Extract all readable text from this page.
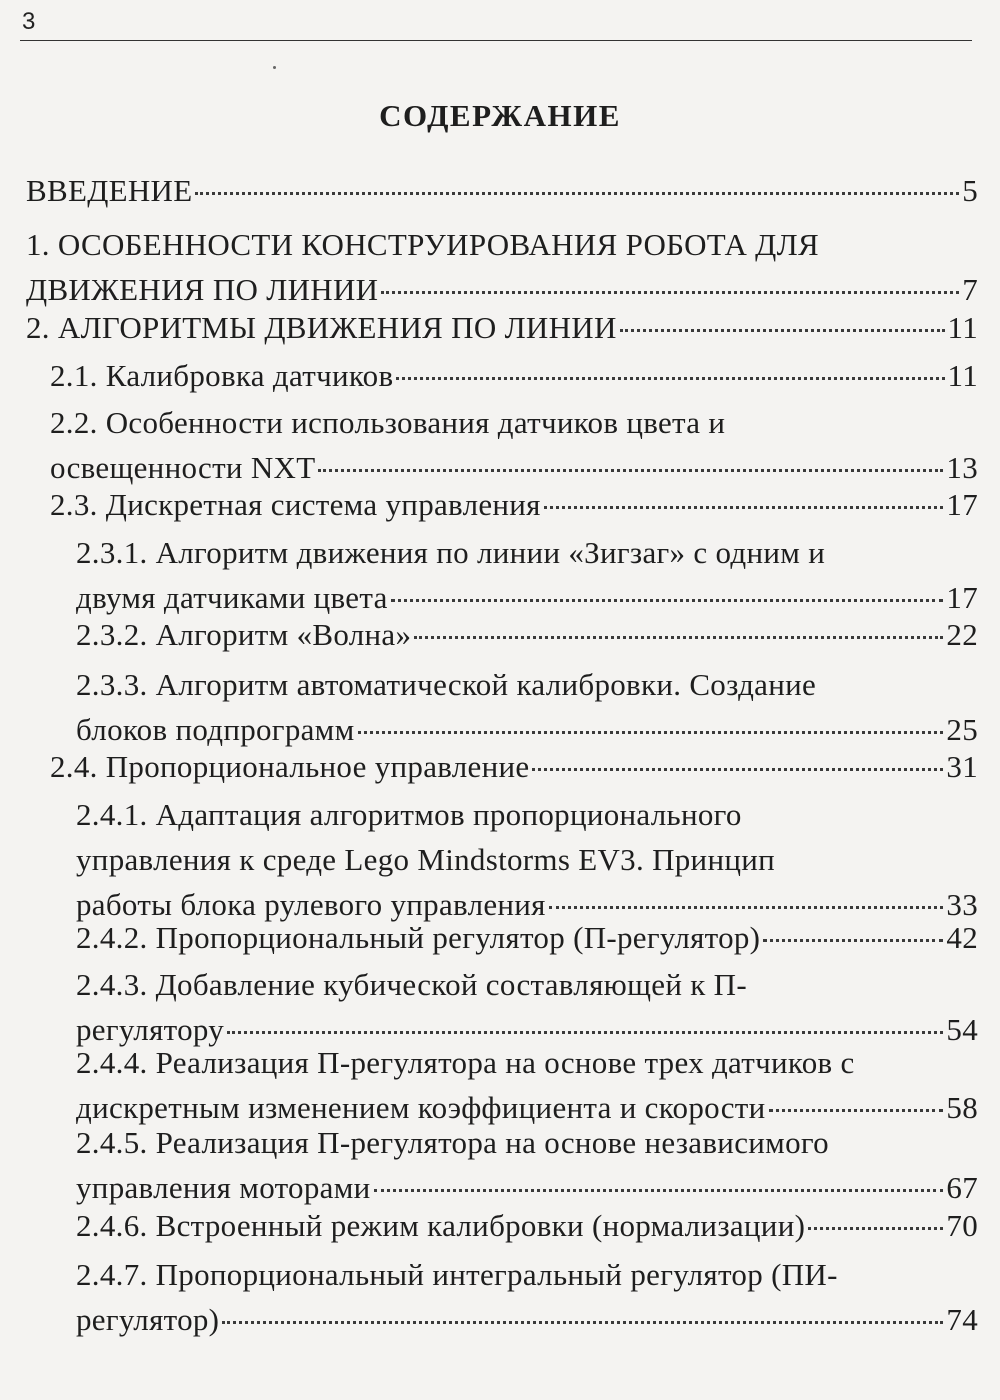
3
СОДЕРЖАНИЕ
ВВЕДЕНИЕ	5
1. ОСОБЕННОСТИ КОНСТРУИРОВАНИЯ РОБОТА ДЛЯ
ДВИЖЕНИЯ ПО ЛИНИИ	7
2. АЛГОРИТМЫ ДВИЖЕНИЯ ПО ЛИНИИ	11
2.1. Калибровка датчиков	11
2.2. Особенности использования датчиков цвета и
освещенности NXT	13
2.3. Дискретная система управления	17
2.3.1. Алгоритм движения по линии «Зигзаг» с одним и
двумя датчиками цвета	17
2.3.2. Алгоритм «Волна»	22
2.3.3. Алгоритм автоматической калибровки. Создание
блоков подпрограмм	25
2.4. Пропорциональное управление	31
2.4.1. Адаптация алгоритмов пропорционального
управления к среде Lego Mindstorms EV3. Принцип
работы блока рулевого управления	33
2.4.2. Пропорциональный регулятор (П-регулятор)	42
2.4.3. Добавление кубической составляющей к П-
регулятору	54
2.4.4. Реализация П-регулятора на основе трех датчиков с
дискретным изменением коэффициента и скорости	58
2.4.5. Реализация П-регулятора на основе независимого
управления моторами	67
2.4.6. Встроенный режим калибровки (нормализации)	70
2.4.7. Пропорциональный интегральный регулятор (ПИ-
регулятор)	74
